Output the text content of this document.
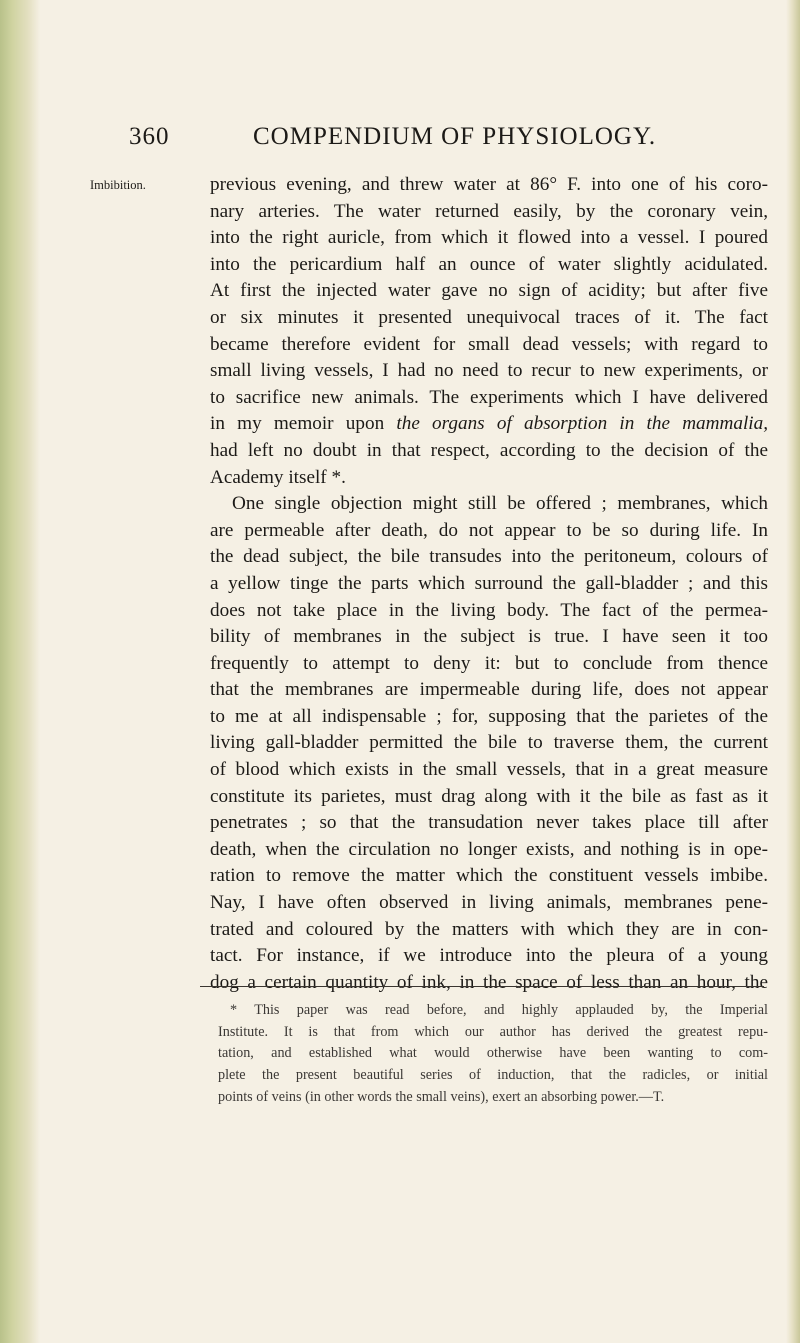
360	COMPENDIUM OF PHYSIOLOGY.
Imbibition.	previous evening, and threw water at 86° F. into one of his coro-
nary arteries. The water returned easily, by the coronary vein,
into the right auricle, from which it flowed into a vessel. I poured
into the pericardium half an ounce of water slightly acidulated.
At first the injected water gave no sign of acidity; but after five
or six minutes it presented unequivocal traces of it. The fact
became therefore evident for small dead vessels; with regard to
small living vessels, I had no need to recur to new experiments, or
to sacrifice new animals. The experiments which I have delivered
in my memoir upon the organs of absorption in the mammalia,
had left no doubt in that respect, according to the decision of the
Academy itself *.
One single objection might still be offered ; membranes, which
are permeable after death, do not appear to be so during life. In
the dead subject, the bile transudes into the peritoneum, colours of
a yellow tinge the parts which surround the gall-bladder ; and this
does not take place in the living body. The fact of the permea-
bility of membranes in the subject is true. I have seen it too
frequently to attempt to deny it: but to conclude from thence
that the membranes are impermeable during life, does not appear
to me at all indispensable ; for, supposing that the parietes of the
living gall-bladder permitted the bile to traverse them, the current
of blood which exists in the small vessels, that in a great measure
constitute its parietes, must drag along with it the bile as fast as it
penetrates ; so that the transudation never takes place till after
death, when the circulation no longer exists, and nothing is in ope-
ration to remove the matter which the constituent vessels imbibe.
Nay, I have often observed in living animals, membranes pene-
trated and coloured by the matters with which they are in con-
tact. For instance, if we introduce into the pleura of a young
dog a certain quantity of ink, in the space of less than an hour, the
* This paper was read before, and highly applauded by, the Imperial
Institute. It is that from which our author has derived the greatest repu-
tation, and established what would otherwise have been wanting to com-
plete the present beautiful series of induction, that the radicles, or initial
points of veins (in other words the small veins), exert an absorbing power.—T.
